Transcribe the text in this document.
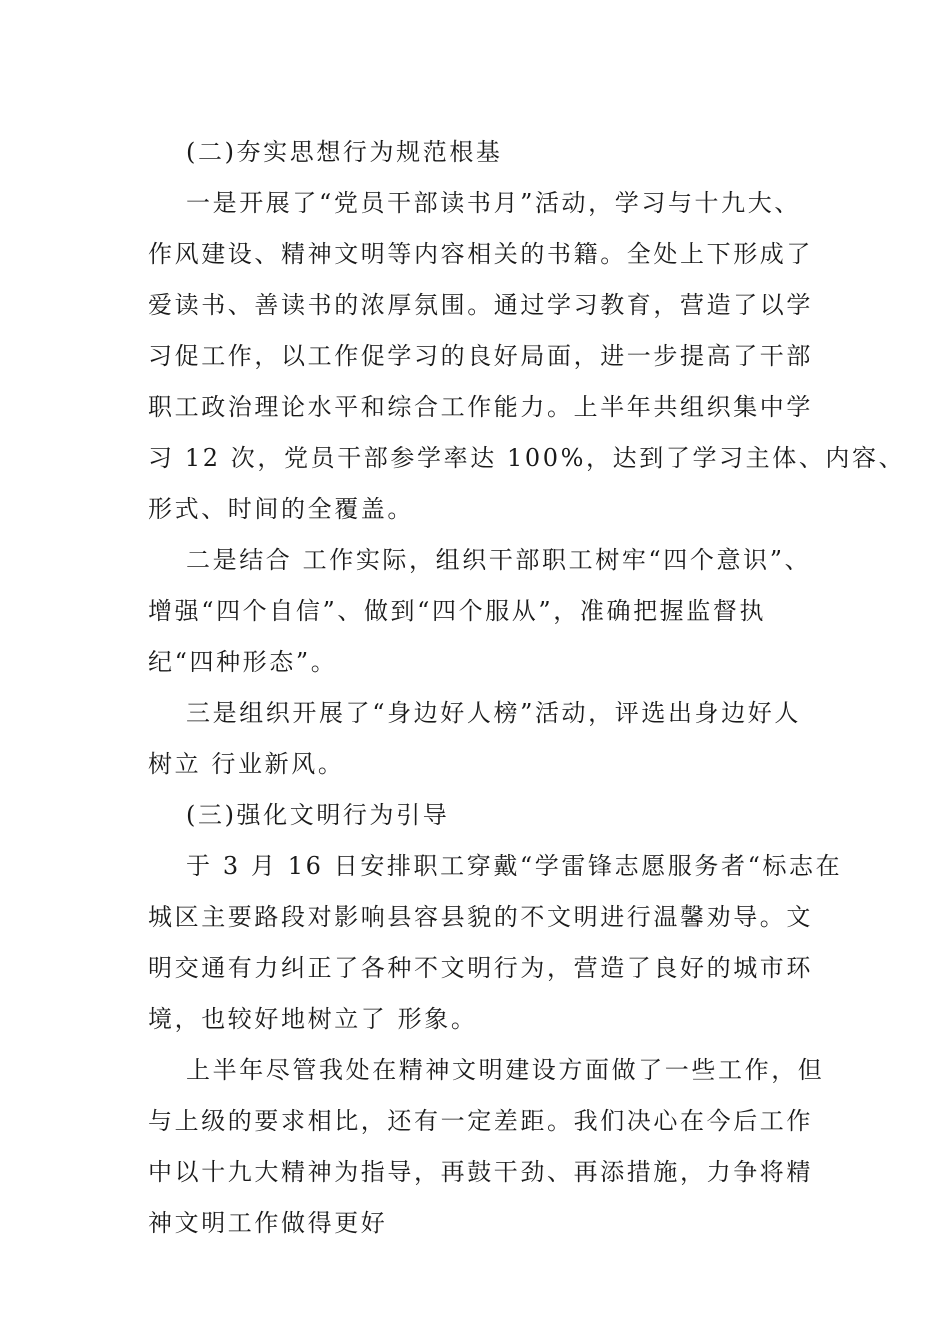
(二)夯实思想行为规范根基
一是开展了“党员干部读书月”活动，学习与十九大、
作风建设、精神文明等内容相关的书籍。全处上下形成了
爱读书、善读书的浓厚氛围。通过学习教育，营造了以学
习促工作，以工作促学习的良好局面，进一步提高了干部
职工政治理论水平和综合工作能力。上半年共组织集中学
习 12 次，党员干部参学率达 100%，达到了学习主体、内容、
形式、时间的全覆盖。
二是结合 工作实际，组织干部职工树牢“四个意识”、
增强“四个自信”、做到“四个服从”，准确把握监督执
纪“四种形态”。
三是组织开展了“身边好人榜”活动，评选出身边好人
树立 行业新风。
(三)强化文明行为引导
于 3 月 16 日安排职工穿戴“学雷锋志愿服务者“标志在
城区主要路段对影响县容县貌的不文明进行温馨劝导。文
明交通有力纠正了各种不文明行为，营造了良好的城市环
境，也较好地树立了 形象。
上半年尽管我处在精神文明建设方面做了一些工作，但
与上级的要求相比，还有一定差距。我们决心在今后工作
中以十九大精神为指导，再鼓干劲、再添措施，力争将精
神文明工作做得更好
